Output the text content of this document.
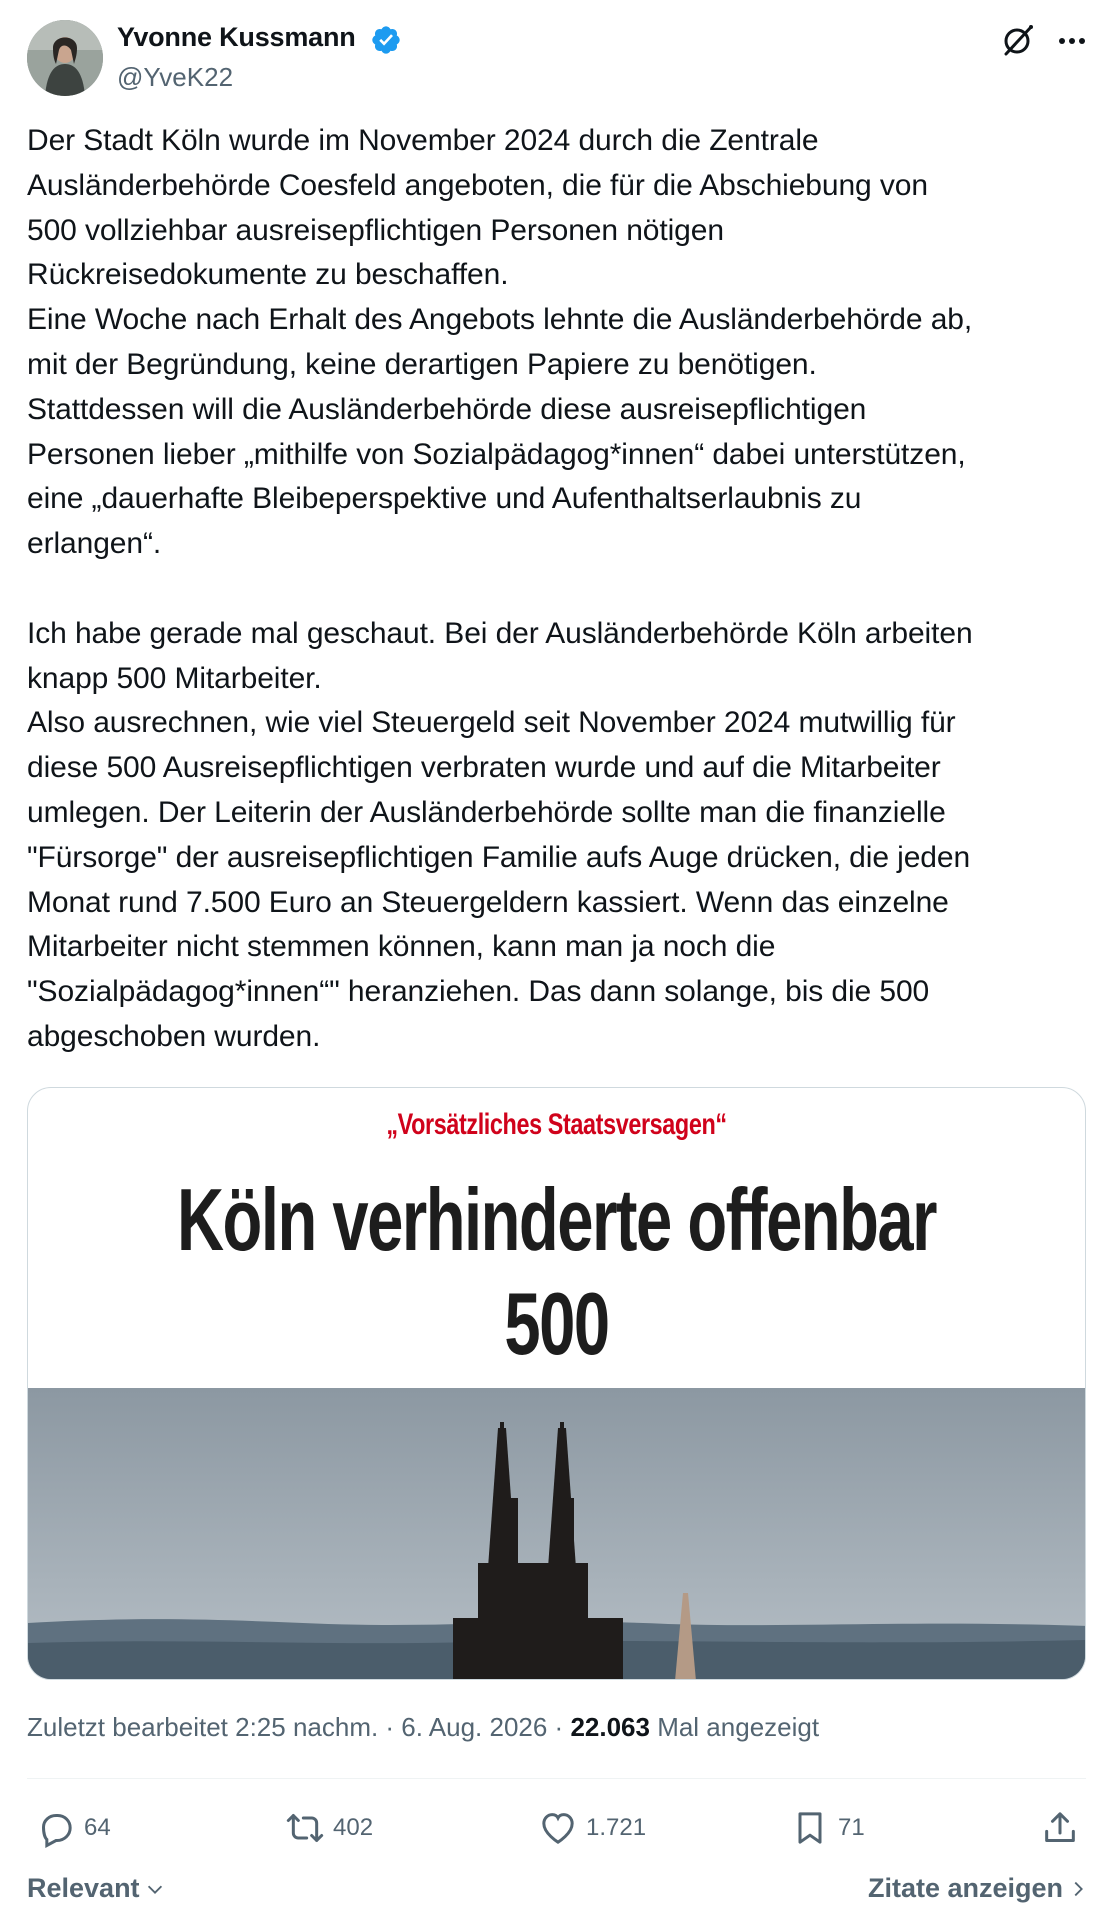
Yvonne Kussmann
@YveK22
Der Stadt Köln wurde im November 2024 durch die Zentrale
Ausländerbehörde Coesfeld angeboten, die für die Abschiebung von
500 vollziehbar ausreisepflichtigen Personen nötigen
Rückreisedokumente zu beschaffen.
Eine Woche nach Erhalt des Angebots lehnte die Ausländerbehörde ab,
mit der Begründung, keine derartigen Papiere zu benötigen.
Stattdessen will die Ausländerbehörde diese ausreisepflichtigen
Personen lieber „mithilfe von Sozialpädagog*innen“ dabei unterstützen,
eine „dauerhafte Bleibeperspektive und Aufenthaltserlaubnis zu
erlangen“.

Ich habe gerade mal geschaut. Bei der Ausländerbehörde Köln arbeiten
knapp 500 Mitarbeiter.
Also ausrechnen, wie viel Steuergeld seit November 2024 mutwillig für
diese 500 Ausreisepflichtigen verbraten wurde und auf die Mitarbeiter
umlegen. Der Leiterin der Ausländerbehörde sollte man die finanzielle
"Fürsorge" der ausreisepflichtigen Familie aufs Auge drücken, die jeden
Monat rund 7.500 Euro an Steuergeldern kassiert. Wenn das einzelne
Mitarbeiter nicht stemmen können, kann man ja noch die
"Sozialpädagog*innen“" heranziehen. Das dann solange, bis die 500
abgeschoben wurden.
„Vorsätzliches Staatsversagen“
Köln verhinderte offenbar 500
Zuletzt bearbeitet 2:25 nachm. · 6. Aug. 2026 · 22.063 Mal angezeigt
64	402	1.721	71
Relevant	Zitate anzeigen
